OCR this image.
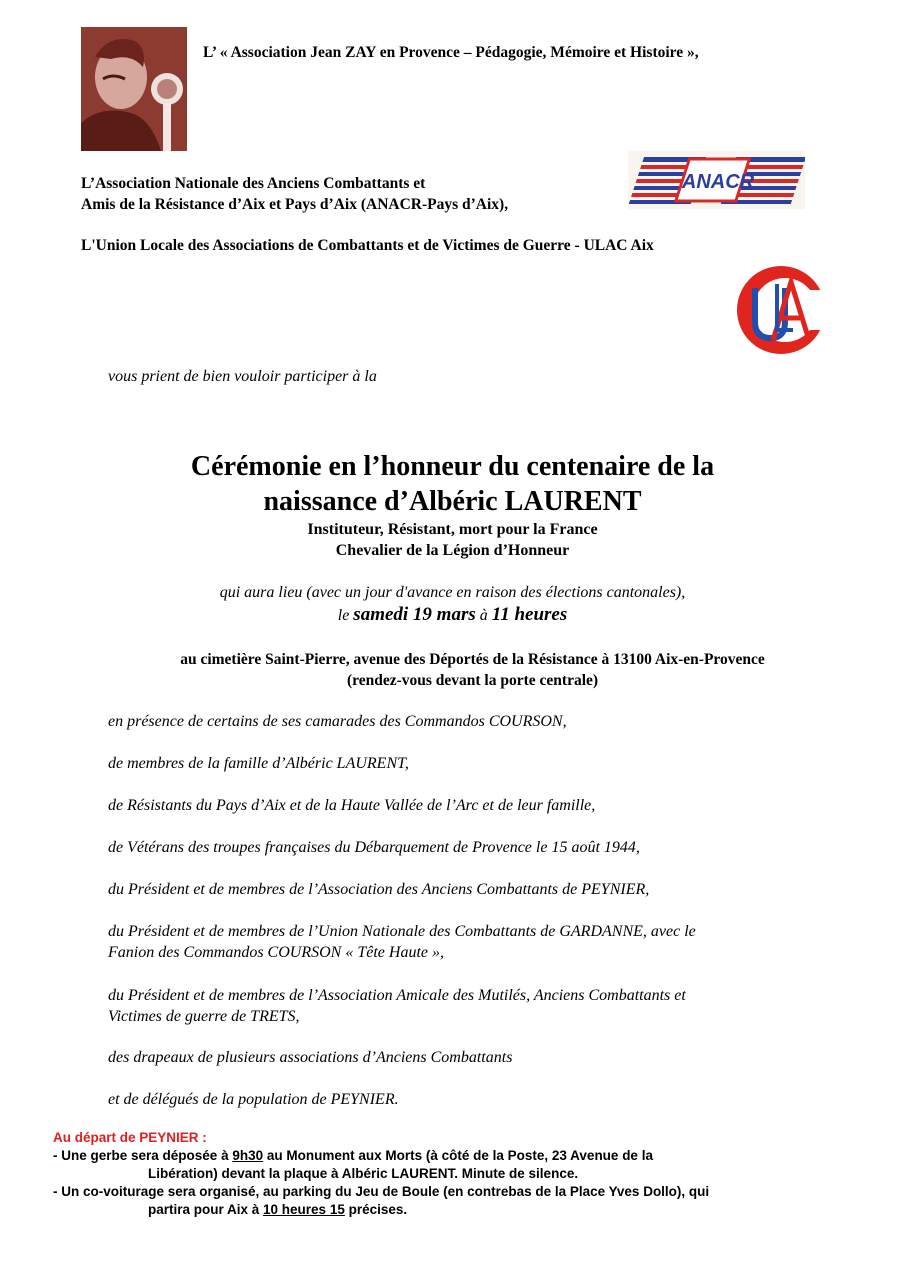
L’ « Association Jean ZAY en Provence – Pédagogie, Mémoire et Histoire »,
L’Association Nationale des Anciens Combattants et
Amis de la Résistance d’Aix et Pays d’Aix (ANACR-Pays d’Aix),
ANACR
L'Union Locale des Associations de Combattants et de Victimes de Guerre - ULAC Aix
vous prient de bien vouloir participer à la
Cérémonie en l’honneur du centenaire de la
naissance d’Albéric LAURENT
Instituteur, Résistant, mort pour la France
Chevalier de la Légion d’Honneur
qui aura lieu (avec un jour d'avance en raison des élections cantonales),
le samedi 19 mars à 11 heures
au cimetière Saint-Pierre, avenue des Déportés de la Résistance à 13100 Aix-en-Provence
(rendez-vous devant la porte centrale)
en présence de certains de ses camarades des Commandos COURSON,
de membres de la famille d’Albéric LAURENT,
de Résistants du Pays d’Aix et de la Haute Vallée de l’Arc et de leur famille,
de Vétérans des troupes françaises du Débarquement de Provence le 15 août 1944,
du Président et de membres de l’Association des Anciens Combattants de PEYNIER,
du Président et de membres de l’Union Nationale des Combattants de GARDANNE, avec le
Fanion des Commandos COURSON « Tête Haute »,
du Président et de membres de l’Association Amicale des Mutilés, Anciens Combattants et
Victimes de guerre de TRETS,
des drapeaux de plusieurs associations d’Anciens Combattants
et de délégués de la population de PEYNIER.
Au départ de PEYNIER :
- Une gerbe sera déposée à 9h30 au Monument aux Morts (à côté de la Poste, 23 Avenue de la
Libération) devant la plaque à Albéric LAURENT. Minute de silence.
- Un co-voiturage sera organisé, au parking du Jeu de Boule (en contrebas de la Place Yves Dollo), qui
partira pour Aix à 10 heures 15 précises.
